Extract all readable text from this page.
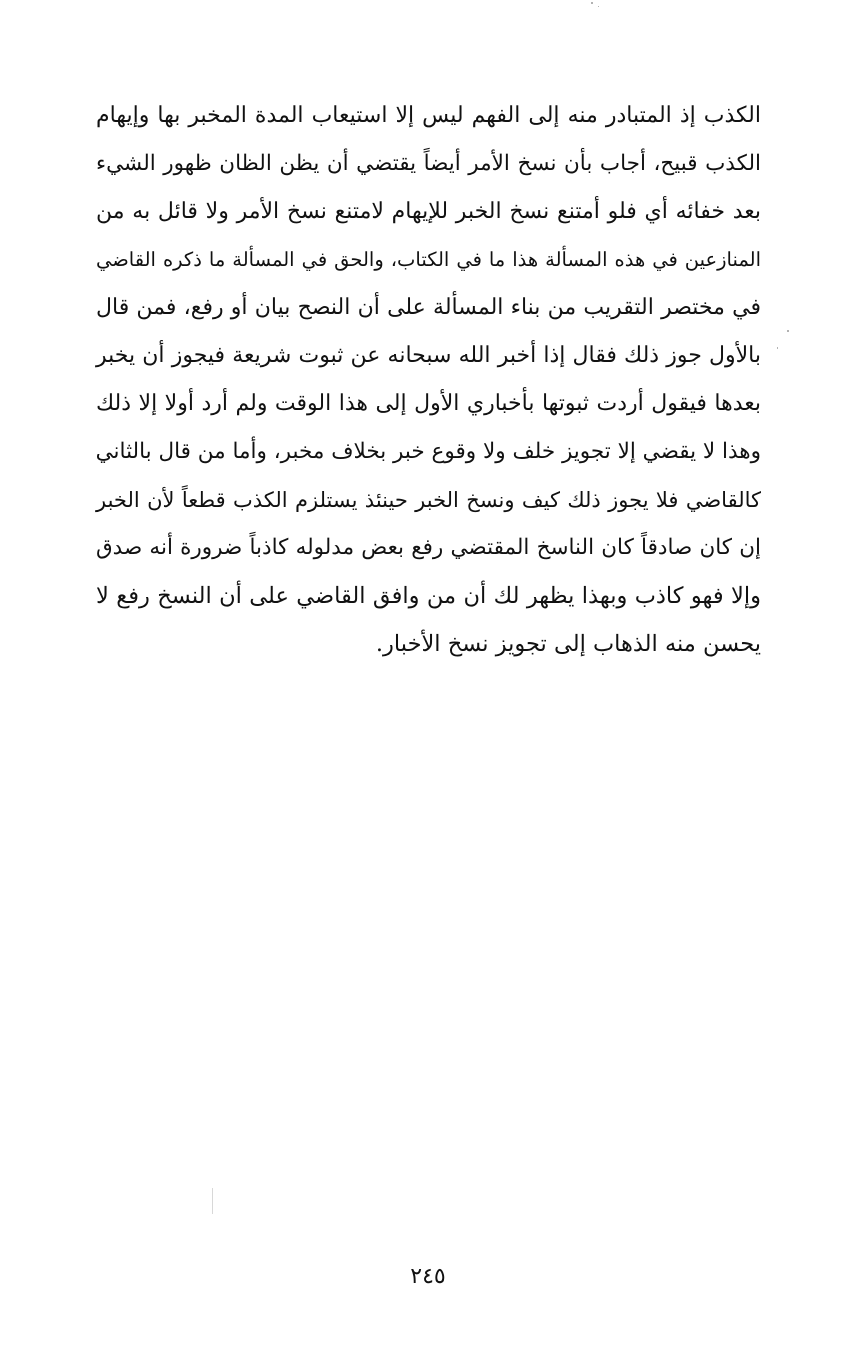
الكذب إذ المتبادر منه إلى الفهم ليس إلا استيعاب المدة المخبر بها وإيهام
الكذب قبيح، أجاب بأن نسخ الأمر أيضاً يقتضي أن يظن الظان ظهور الشيء
بعد خفائه أي فلو أمتنع نسخ الخبر للإيهام لامتنع نسخ الأمر ولا قائل به من
المنازعين في هذه المسألة هذا ما في الكتاب، والحق في المسألة ما ذكره القاضي
في مختصر التقريب من بناء المسألة على أن النصح بيان أو رفع، فمن قال
بالأول جوز ذلك فقال إذا أخبر الله سبحانه عن ثبوت شريعة فيجوز أن يخبر
بعدها فيقول أردت ثبوتها بأخباري الأول إلى هذا الوقت ولم أرد أولا إلا ذلك
وهذا لا يقضي إلا تجويز خلف ولا وقوع خبر بخلاف مخبر، وأما من قال بالثاني
كالقاضي فلا يجوز ذلك كيف ونسخ الخبر حينئذ يستلزم الكذب قطعاً لأن الخبر
إن كان صادقاً كان الناسخ المقتضي رفع بعض مدلوله كاذباً ضرورة أنه صدق
وإلا فهو كاذب وبهذا يظهر لك أن من وافق القاضي على أن النسخ رفع لا
يحسن منه الذهاب إلى تجويز نسخ الأخبار.
٢٤٥
